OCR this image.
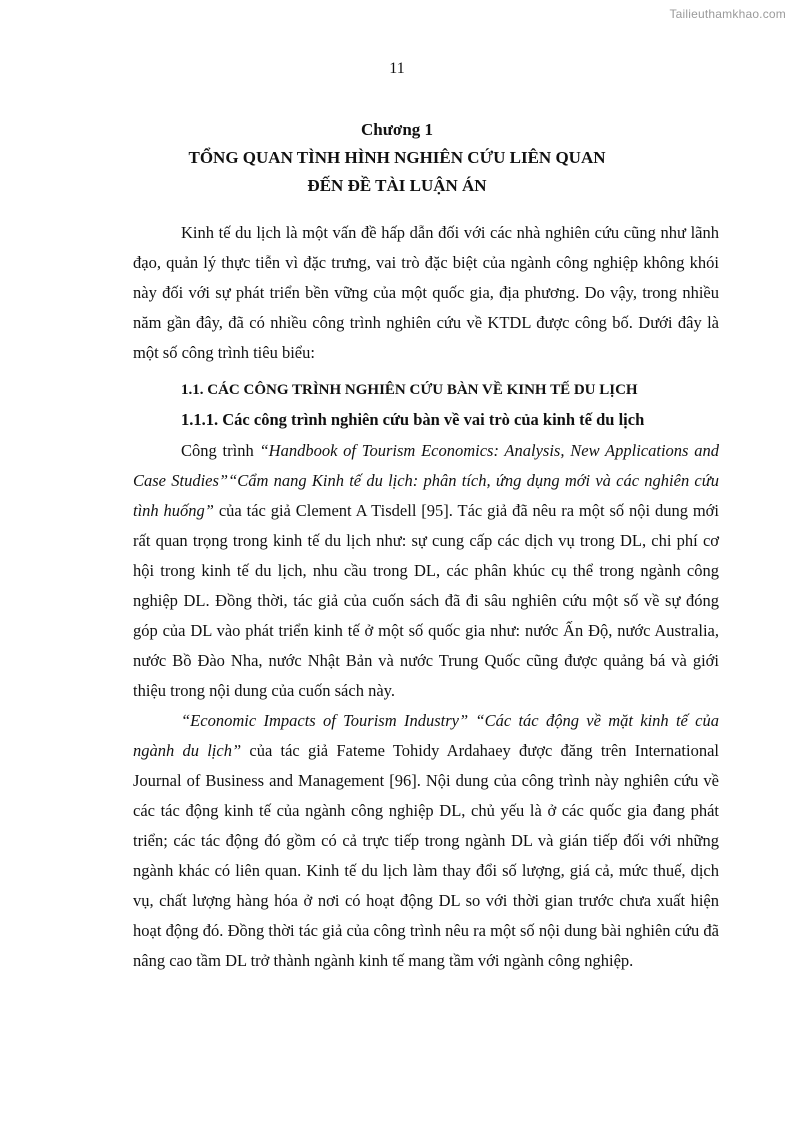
Tailieuthamkhao.com
11
Chương 1
TỔNG QUAN TÌNH HÌNH NGHIÊN CỨU LIÊN QUAN
ĐẾN ĐỀ TÀI LUẬN ÁN

Kinh tế du lịch là một vấn đề hấp dẫn đối với các nhà nghiên cứu cũng như lãnh đạo, quản lý thực tiễn vì đặc trưng, vai trò đặc biệt của ngành công nghiệp không khói này đối với sự phát triển bền vững của một quốc gia, địa phương. Do vậy, trong nhiều năm gần đây, đã có nhiều công trình nghiên cứu về KTDL được công bố. Dưới đây là một số công trình tiêu biểu:

1.1. CÁC CÔNG TRÌNH NGHIÊN CỨU BÀN VỀ KINH TẾ DU LỊCH
1.1.1. Các công trình nghiên cứu bàn về vai trò của kinh tế du lịch

Công trình “Handbook of Tourism Economics: Analysis, New Applications and Case Studies”“Cẩm nang Kinh tế du lịch: phân tích, ứng dụng mới và các nghiên cứu tình huống” của tác giả Clement A Tisdell [95]. Tác giả đã nêu ra một số nội dung mới rất quan trọng trong kinh tế du lịch như: sự cung cấp các dịch vụ trong DL, chi phí cơ hội trong kinh tế du lịch, nhu cầu trong DL, các phân khúc cụ thể trong ngành công nghiệp DL. Đồng thời, tác giả của cuốn sách đã đi sâu nghiên cứu một số về sự đóng góp của DL vào phát triển kinh tế ở một số quốc gia như: nước Ấn Độ, nước Australia, nước Bồ Đào Nha, nước Nhật Bản và nước Trung Quốc cũng được quảng bá và giới thiệu trong nội dung của cuốn sách này.

“Economic Impacts of Tourism Industry” “Các tác động về mặt kinh tế của ngành du lịch” của tác giả Fateme Tohidy Ardahaey được đăng trên International Journal of Business and Management [96]. Nội dung của công trình này nghiên cứu về các tác động kinh tế của ngành công nghiệp DL, chủ yếu là ở các quốc gia đang phát triển; các tác động đó gồm có cả trực tiếp trong ngành DL và gián tiếp đối với những ngành khác có liên quan. Kinh tế du lịch làm thay đổi số lượng, giá cả, mức thuế, dịch vụ, chất lượng hàng hóa ở nơi có hoạt động DL so với thời gian trước chưa xuất hiện hoạt động đó. Đồng thời tác giả của công trình nêu ra một số nội dung bài nghiên cứu đã nâng cao tầm DL trở thành ngành kinh tế mang tầm với ngành công nghiệp.
